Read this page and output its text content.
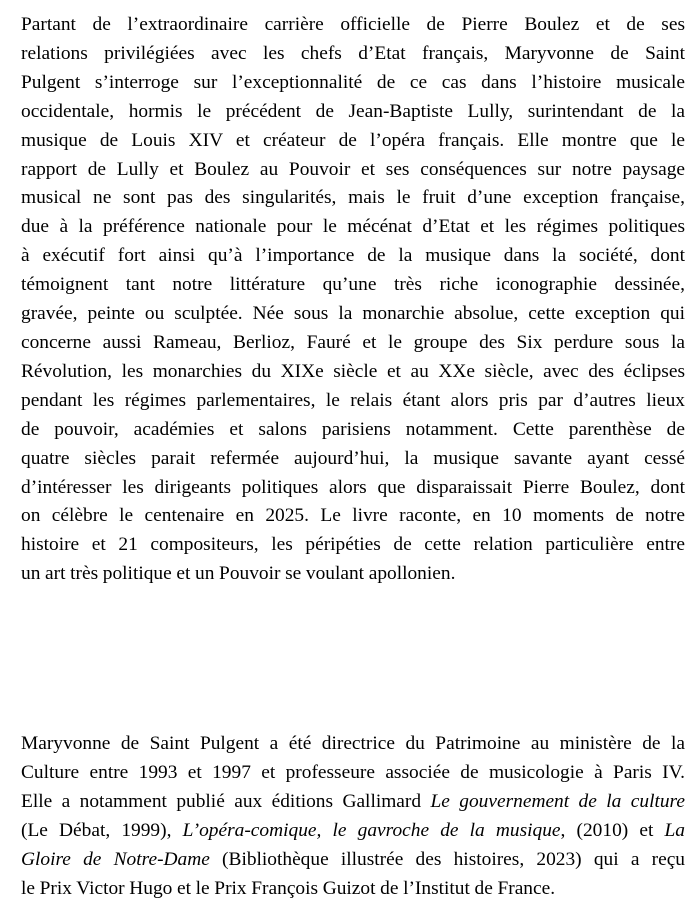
Partant de l’extraordinaire carrière officielle de Pierre Boulez et de ses
relations privilégiées avec les chefs d’Etat français, Maryvonne de Saint
Pulgent s’interroge sur l’exceptionnalité de ce cas dans l’histoire musicale
occidentale, hormis le précédent de Jean-Baptiste Lully, surintendant de la
musique de Louis XIV et créateur de l’opéra français. Elle montre que le
rapport de Lully et Boulez au Pouvoir et ses conséquences sur notre paysage
musical ne sont pas des singularités, mais le fruit d’une exception française,
due à la préférence nationale pour le mécénat d’Etat et les régimes politiques
à exécutif fort ainsi qu’à l’importance de la musique dans la société, dont
témoignent tant notre littérature qu’une très riche iconographie dessinée,
gravée, peinte ou sculptée. Née sous la monarchie absolue, cette exception qui
concerne aussi Rameau, Berlioz, Fauré et le groupe des Six perdure sous la
Révolution, les monarchies du XIXe siècle et au XXe siècle, avec des éclipses
pendant les régimes parlementaires, le relais étant alors pris par d’autres lieux
de pouvoir, académies et salons parisiens notamment. Cette parenthèse de
quatre siècles parait refermée aujourd’hui, la musique savante ayant cessé
d’intéresser les dirigeants politiques alors que disparaissait Pierre Boulez, dont
on célèbre le centenaire en 2025. Le livre raconte, en 10 moments de notre
histoire et 21 compositeurs, les péripéties de cette relation particulière entre
un art très politique et un Pouvoir se voulant apollonien.

Maryvonne de Saint Pulgent a été directrice du Patrimoine au ministère de la
Culture entre 1993 et 1997 et professeure associée de musicologie à Paris IV.
Elle a notamment publié aux éditions Gallimard Le gouvernement de la culture
(Le Débat, 1999), L’opéra-comique, le gavroche de la musique, (2010) et La
Gloire de Notre-Dame (Bibliothèque illustrée des histoires, 2023) qui a reçu
le Prix Victor Hugo et le Prix François Guizot de l’Institut de France.
